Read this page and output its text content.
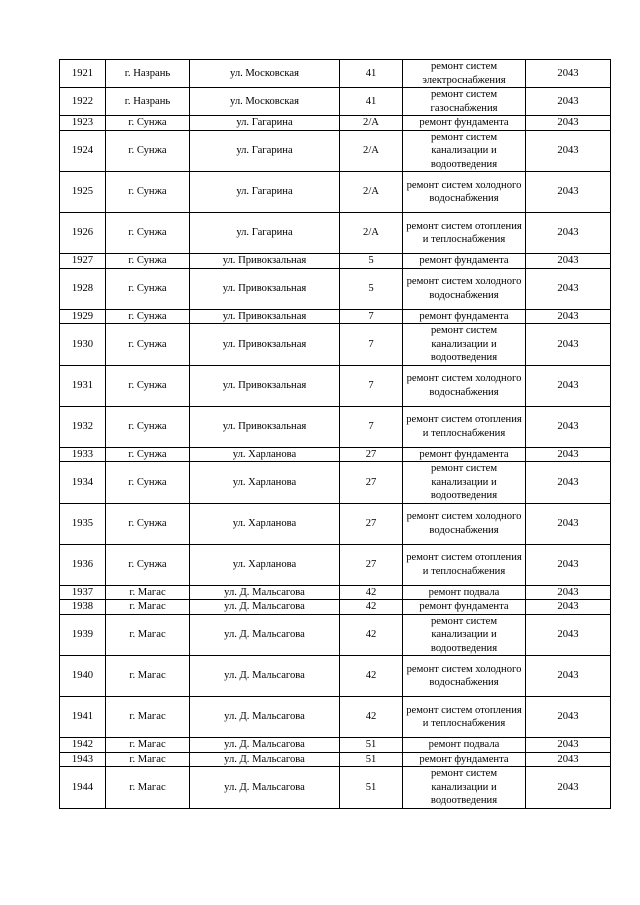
1921	г. Назрань	ул. Московская	41	ремонт систем электроснабжения	2043
1922	г. Назрань	ул. Московская	41	ремонт систем газоснабжения	2043
1923	г. Сунжа	ул. Гагарина	2/А	ремонт фундамента	2043
1924	г. Сунжа	ул. Гагарина	2/А	ремонт систем канализации и водоотведения	2043
1925	г. Сунжа	ул. Гагарина	2/А	ремонт систем холодного водоснабжения	2043
1926	г. Сунжа	ул. Гагарина	2/А	ремонт систем отопления и теплоснабжения	2043
1927	г. Сунжа	ул. Привокзальная	5	ремонт фундамента	2043
1928	г. Сунжа	ул. Привокзальная	5	ремонт систем холодного водоснабжения	2043
1929	г. Сунжа	ул. Привокзальная	7	ремонт фундамента	2043
1930	г. Сунжа	ул. Привокзальная	7	ремонт систем канализации и водоотведения	2043
1931	г. Сунжа	ул. Привокзальная	7	ремонт систем холодного водоснабжения	2043
1932	г. Сунжа	ул. Привокзальная	7	ремонт систем отопления и теплоснабжения	2043
1933	г. Сунжа	ул. Харланова	27	ремонт фундамента	2043
1934	г. Сунжа	ул. Харланова	27	ремонт систем канализации и водоотведения	2043
1935	г. Сунжа	ул. Харланова	27	ремонт систем холодного водоснабжения	2043
1936	г. Сунжа	ул. Харланова	27	ремонт систем отопления и теплоснабжения	2043
1937	г. Магас	ул. Д. Мальсагова	42	ремонт подвала	2043
1938	г. Магас	ул. Д. Мальсагова	42	ремонт фундамента	2043
1939	г. Магас	ул. Д. Мальсагова	42	ремонт систем канализации и водоотведения	2043
1940	г. Магас	ул. Д. Мальсагова	42	ремонт систем холодного водоснабжения	2043
1941	г. Магас	ул. Д. Мальсагова	42	ремонт систем отопления и теплоснабжения	2043
1942	г. Магас	ул. Д. Мальсагова	51	ремонт подвала	2043
1943	г. Магас	ул. Д. Мальсагова	51	ремонт фундамента	2043
1944	г. Магас	ул. Д. Мальсагова	51	ремонт систем канализации и водоотведения	2043
